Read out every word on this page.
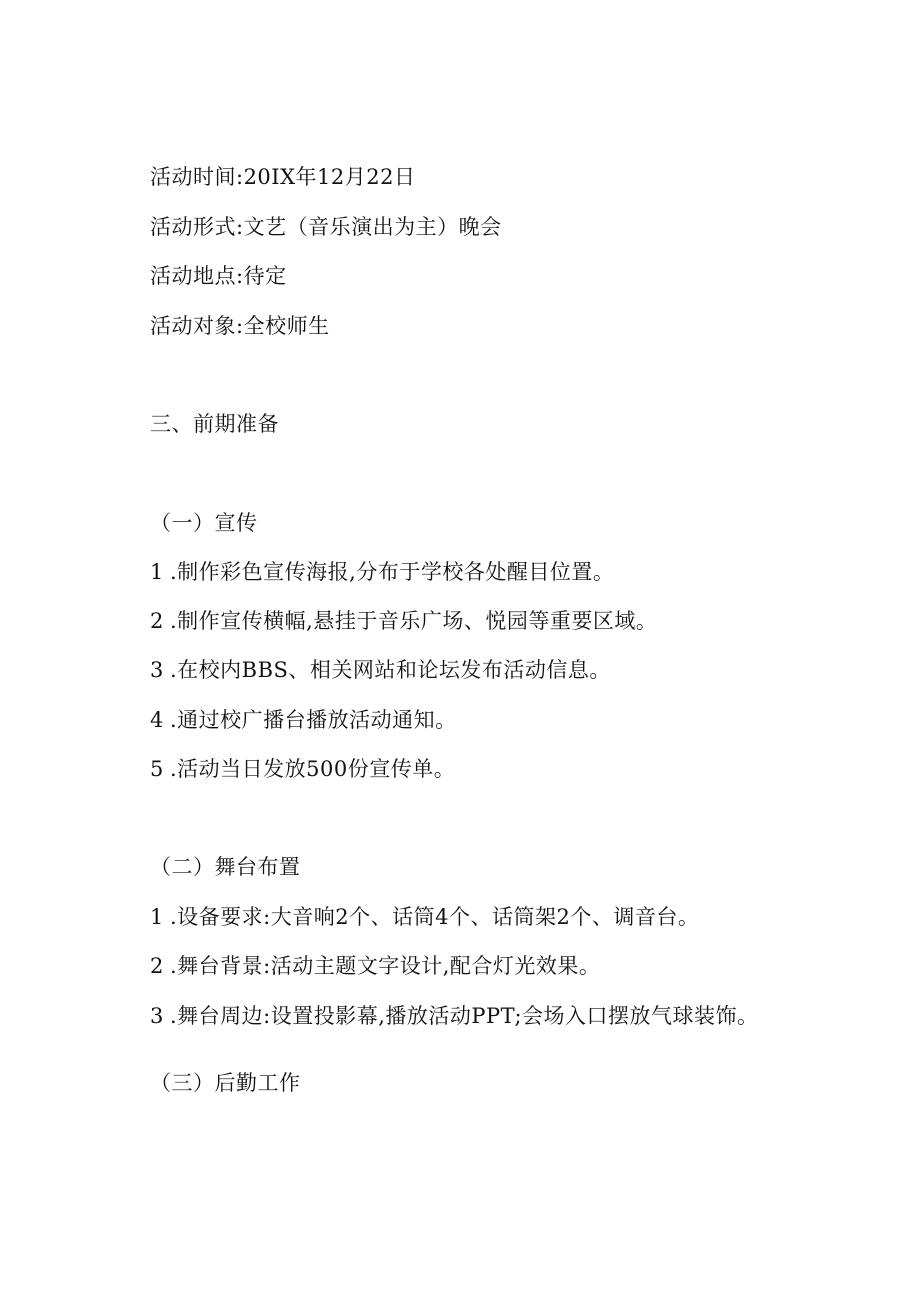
活动时间:20IX年12月22日
活动形式:文艺（音乐演出为主）晚会
活动地点:待定
活动对象:全校师生
三、前期准备
（一）宣传
1 .制作彩色宣传海报,分布于学校各处醒目位置。
2 .制作宣传横幅,悬挂于音乐广场、悦园等重要区域。
3 .在校内BBS、相关网站和论坛发布活动信息。
4 .通过校广播台播放活动通知。
5 .活动当日发放500份宣传单。
（二）舞台布置
1 .设备要求:大音响2个、话筒4个、话筒架2个、调音台。
2 .舞台背景:活动主题文字设计,配合灯光效果。
3 .舞台周边:设置投影幕,播放活动PPT;会场入口摆放气球装饰。
（三）后勤工作
